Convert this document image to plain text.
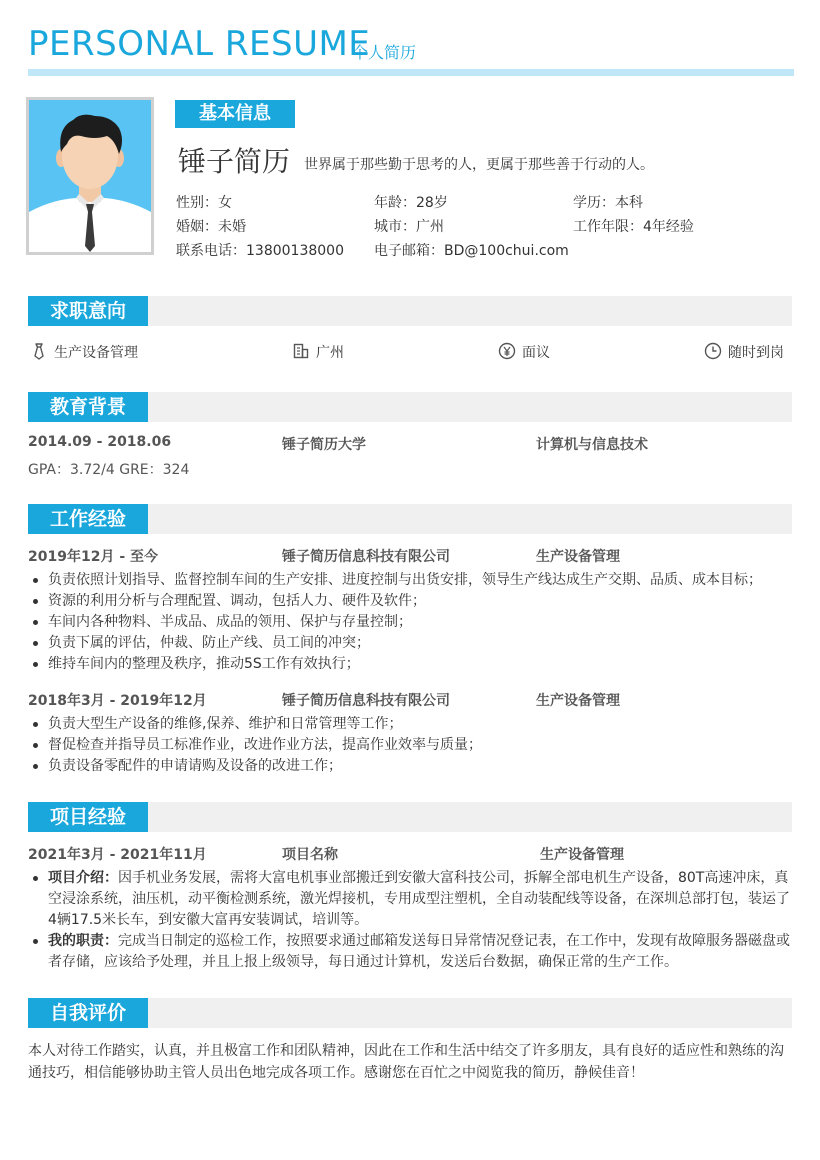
PERSONAL RESUME
个人简历
基本信息
锤子简历 世界属于那些勤于思考的人，更属于那些善于行动的人。
性别：女	年龄：28岁	学历：本科
婚姻：未婚	城市：广州	工作年限：4年经验
联系电话：13800138000 电子邮箱：BD@100chui.com
求职意向
生产设备管理	广州	面议	随时到岗
教育背景
2014.09 - 2018.06	锤子简历大学	计算机与信息技术
GPA：3.72/4 GRE：324
工作经验
2019年12月 - 至今	锤子简历信息科技有限公司	生产设备管理
负责依照计划指导、监督控制车间的生产安排、进度控制与出货安排，领导生产线达成生产交期、品质、成本目标；
资源的利用分析与合理配置、调动，包括人力、硬件及软件；
车间内各种物料、半成品、成品的领用、保护与存量控制；
负责下属的评估，仲裁、防止产线、员工间的冲突；
维持车间内的整理及秩序，推动5S工作有效执行；
2018年3月 - 2019年12月	锤子简历信息科技有限公司	生产设备管理
负责大型生产设备的维修,保养、维护和日常管理等工作；
督促检查并指导员工标准作业，改进作业方法，提高作业效率与质量；
负责设备零配件的申请请购及设备的改进工作；
项目经验
2021年3月 - 2021年11月	项目名称	生产设备管理
项目介绍：因手机业务发展，需将大富电机事业部搬迁到安徽大富科技公司，拆解全部电机生产设备，80T高速冲床，真空浸涂系统，油压机，动平衡检测系统，激光焊接机，专用成型注塑机，全自动装配线等设备，在深圳总部打包，装运了4辆17.5米长车，到安徽大富再安装调试，培训等。
我的职责：完成当日制定的巡检工作，按照要求通过邮箱发送每日异常情况登记表，在工作中，发现有故障服务器磁盘或者存储，应该给予处理，并且上报上级领导，每日通过计算机，发送后台数据，确保正常的生产工作。
自我评价
本人对待工作踏实，认真，并且极富工作和团队精神，因此在工作和生活中结交了许多朋友，具有良好的适应性和熟练的沟通技巧，相信能够协助主管人员出色地完成各项工作。感谢您在百忙之中阅览我的简历，静候佳音！
